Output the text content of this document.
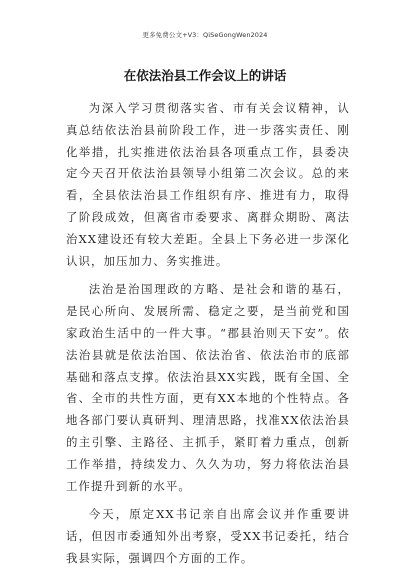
更多免费公文+V3：QiSeGongWen2024
在依法治县工作会议上的讲话

为深入学习贯彻落实省、市有关会议精神，认真总结依法治县前阶段工作，进一步落实责任、刚化举措，扎实推进依法治县各项重点工作，县委决定今天召开依法治县领导小组第二次会议。总的来看，全县依法治县工作组织有序、推进有力，取得了阶段成效，但离省市委要求、离群众期盼、离法治XX建设还有较大差距。全县上下务必进一步深化认识，加压加力、务实推进。

法治是治国理政的方略、是社会和谐的基石，是民心所向、发展所需、稳定之要，是当前党和国家政治生活中的一件大事。“郡县治则天下安”。依法治县就是依法治国、依法治省、依法治市的底部基础和落点支撑。依法治县XX实践，既有全国、全省、全市的共性方面，更有XX本地的个性特点。各地各部门要认真研判、理清思路，找准XX依法治县的主引擎、主路径、主抓手，紧盯着力重点，创新工作举措，持续发力、久久为功，努力将依法治县工作提升到新的水平。

今天，原定XX书记亲自出席会议并作重要讲话，但因市委通知外出考察，受XX书记委托，结合我县实际，强调四个方面的工作。
